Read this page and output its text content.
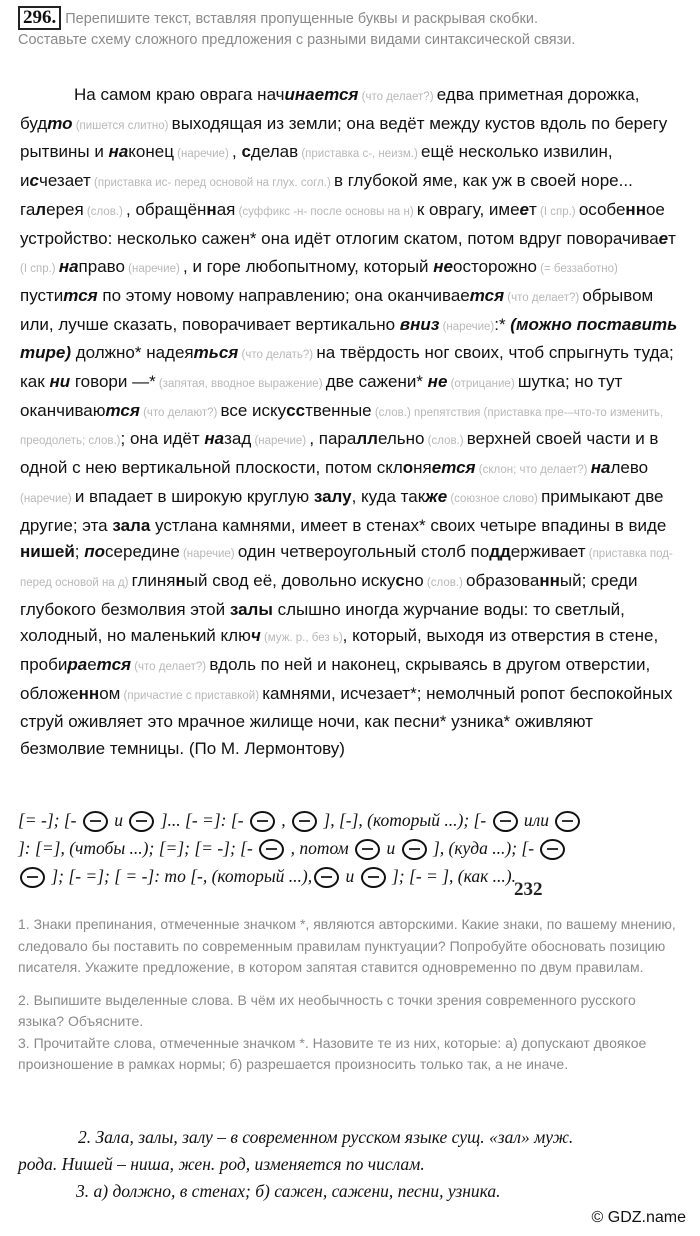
296. Перепишите текст, вставляя пропущенные буквы и раскрывая скобки.
Составьте схему сложного предложения с разными видами синтаксической связи.
На самом краю оврага начинается (что делает?) едва приметная дорожка, будто (пишется слитно) выходящая из земли; она ведёт между кустов вдоль по берегу рытвины и наконец (наречие) , сделав (приставка с-, неизм.) ещё несколько извилин, исчезает (приставка ис- перед основой на глух. согл.) в глубокой яме, как уж в своей норе... галерея (слов.) , обращённая (суффикс -н- после основы на н) к оврагу, имеет (I спр.) особенное устройство: несколько сажен* она идёт отлогим скатом, потом вдруг поворачивает (I спр.) направо (наречие) , и горе любопытному, который неосторожно (= беззаботно) пустится по этому новому направлению; она оканчивается (что делает?) обрывом или, лучше сказать, поворачивает вертикально вниз (наречие):* (можно поставить тире) должно* надеяться (что делать?) на твёрдость ног своих, чтоб спрыгнуть туда; как ни говори —* (запятая, вводное выражение) две сажени* не (отрицание) шутка; но тут оканчиваются (что делают?) все искусственные (слов.) препятствия (приставка пре-–что-то изменить, преодолеть; слов.); она идёт назад (наречие) , параллельно (слов.) верхней своей части и в одной с нею вертикальной плоскости, потом склоняется (склон; что делает?) налево (наречие) и впадает в широкую круглую залу, куда также (союзное слово) примыкают две другие; эта зала устлана камнями, имеет в стенах* своих четыре впадины в виде нишей; посередине (наречие) один четвероугольный столб поддерживает (приставка под- перед основой на д) глиняный свод её, довольно искусно (слов.) образованный; среди глубокого безмолвия этой залы слышно иногда журчание воды: то светлый, холодный, но маленький ключ (муж. р., без ь), который, выходя из отверстия в стене, пробирается (что делает?) вдоль по ней и наконец, скрываясь в другом отверстии, обложенном (причастие с приставкой) камнями, исчезает*; немолчный ропот беспокойных струй оживляет это мрачное жилище ночи, как песни* узника* оживляют безмолвие темницы. (По М. Лермонтову)
[= -]; [-  и  ]... [- =]: [-  ,  ], [-], (который ...); [-  или
]: [=], (чтобы ...); [=]; [= -]; [-  , потом  и  ], (куда ...); [-
]; [- =]; [ = -]: то [-, (который ...), и  ]; [- = ], (как ...).
232

1. Знаки препинания, отмеченные значком *, являются авторскими. Какие знаки, по вашему мнению, следовало бы поставить по современным правилам пунктуации? Попробуйте обосновать позицию писателя. Укажите предложение, в котором запятая ставится одновременно по двум правилам.

2. Выпишите выделенные слова. В чём их необычность с точки зрения современного русского языка? Объясните.

3. Прочитайте слова, отмеченные значком *. Назовите те из них, которые: а) допускают двоякое произношение в рамках нормы; б) разрешается произносить только так, а не иначе.

2. Зала, залы, залу – в современном русском языке сущ. «зал» муж.
рода. Нишей – ниша, жен. род, изменяется по числам.
3. а) должно, в стенах; б) сажен, сажени, песни, узника.
© GDZ.name
